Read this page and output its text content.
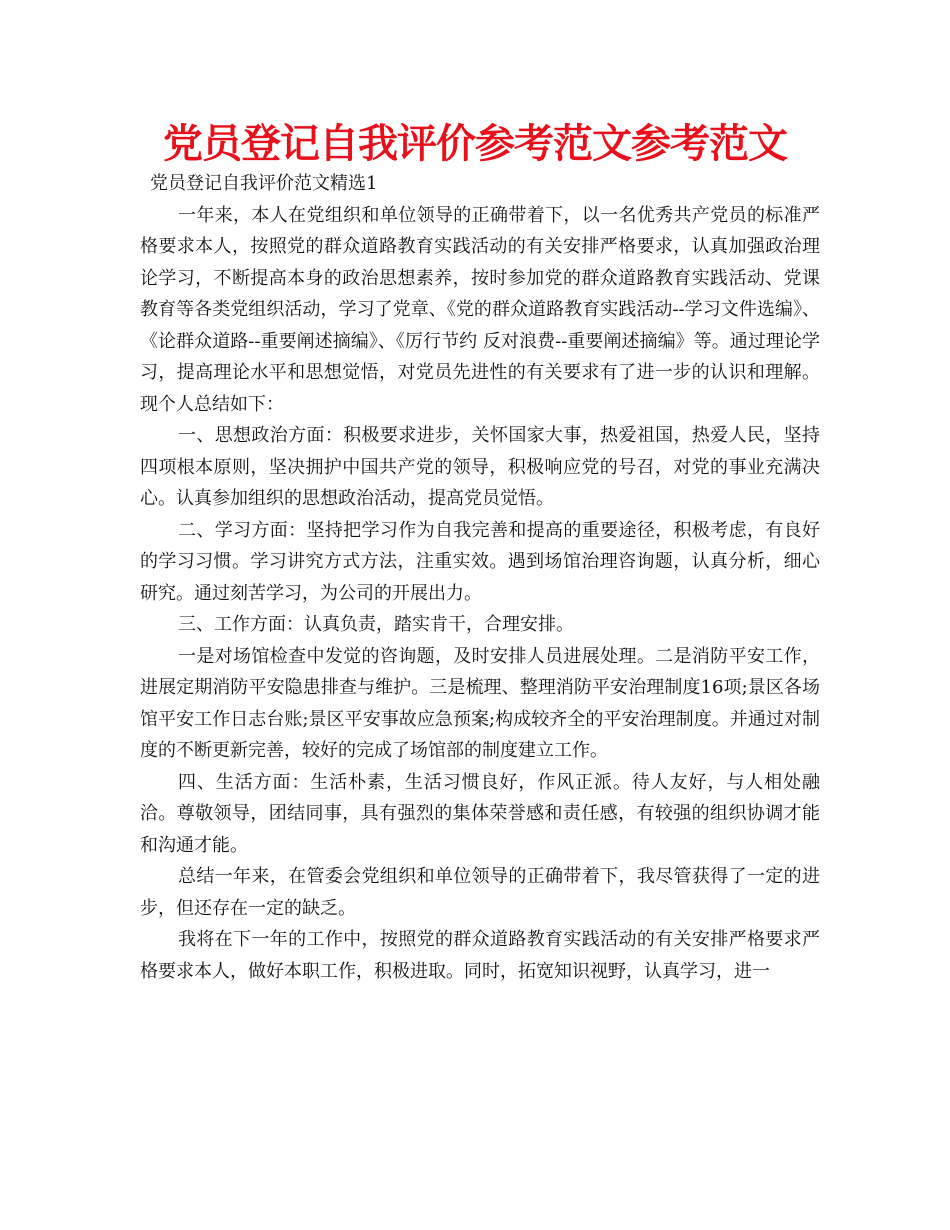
党员登记自我评价参考范文参考范文

党员登记自我评价范文精选1

一年来，本人在党组织和单位领导的正确带着下，以一名优秀共产党员的标准严格要求本人，按照党的群众道路教育实践活动的有关安排严格要求，认真加强政治理论学习，不断提高本身的政治思想素养，按时参加党的群众道路教育实践活动、党课教育等各类党组织活动，学习了党章、《党的群众道路教育实践活动--学习文件选编》、《论群众道路--重要阐述摘编》、《厉行节约 反对浪费--重要阐述摘编》等。通过理论学习，提高理论水平和思想觉悟，对党员先进性的有关要求有了进一步的认识和理解。现个人总结如下：

一、思想政治方面：积极要求进步，关怀国家大事，热爱祖国，热爱人民，坚持四项根本原则，坚决拥护中国共产党的领导，积极响应党的号召，对党的事业充满决心。认真参加组织的思想政治活动，提高党员觉悟。

二、学习方面：坚持把学习作为自我完善和提高的重要途径，积极考虑，有良好的学习习惯。学习讲究方式方法，注重实效。遇到场馆治理咨询题，认真分析，细心研究。通过刻苦学习，为公司的开展出力。

三、工作方面：认真负责，踏实肯干，合理安排。

一是对场馆检查中发觉的咨询题，及时安排人员进展处理。二是消防平安工作，进展定期消防平安隐患排查与维护。三是梳理、整理消防平安治理制度16项;景区各场馆平安工作日志台账;景区平安事故应急预案;构成较齐全的平安治理制度。并通过对制度的不断更新完善，较好的完成了场馆部的制度建立工作。

四、生活方面：生活朴素，生活习惯良好，作风正派。待人友好，与人相处融洽。尊敬领导，团结同事，具有强烈的集体荣誉感和责任感，有较强的组织协调才能和沟通才能。

总结一年来，在管委会党组织和单位领导的正确带着下，我尽管获得了一定的进步，但还存在一定的缺乏。

我将在下一年的工作中，按照党的群众道路教育实践活动的有关安排严格要求严格要求本人，做好本职工作，积极进取。同时，拓宽知识视野，认真学习，进一
